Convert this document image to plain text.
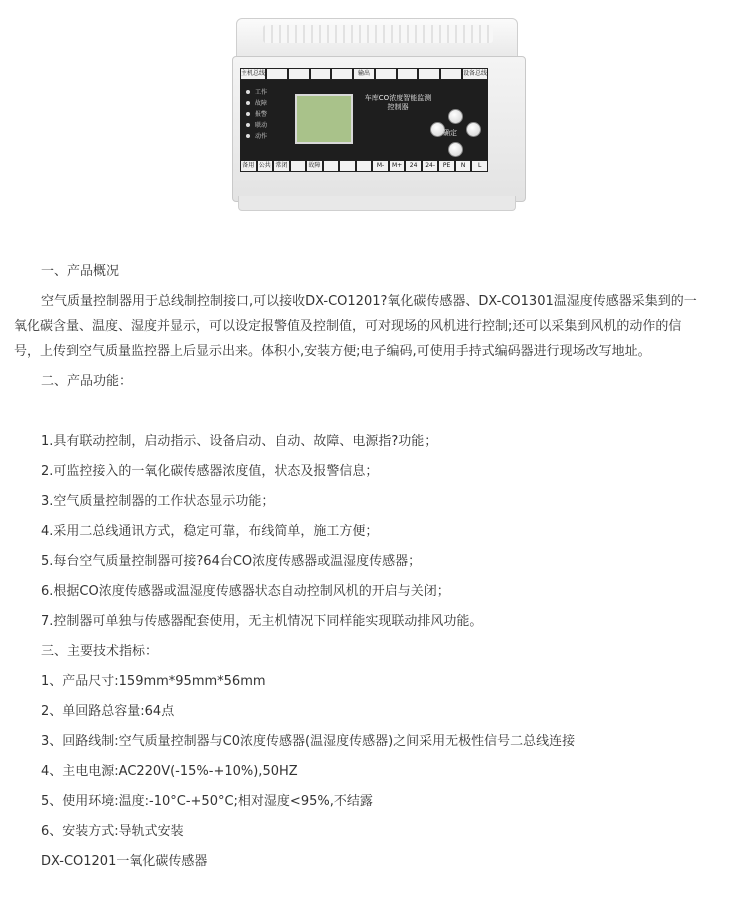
主机总线	输出	设备总线
工作
故障
报警
联动
动作
车库CO浓度智能监测控制器
确定
备用 公共 常闭	故障	M-	M+	24	24-	PE	N	L
一、产品概况
空气质量控制器用于总线制控制接口,可以接收DX-CO1201?氧化碳传感器、DX-CO1301温湿度传感器采集到的一
氧化碳含量、温度、湿度并显示，可以设定报警值及控制值，可对现场的风机进行控制;还可以采集到风机的动作的信
号，上传到空气质量监控器上后显示出来。体积小,安装方便;电子编码,可使用手持式编码器进行现场改写地址。
二、产品功能：
1.具有联动控制，启动指示、设备启动、自动、故障、电源指?功能；
2.可监控接入的一氧化碳传感器浓度值，状态及报警信息；
3.空气质量控制器的工作状态显示功能；
4.采用二总线通讯方式，稳定可靠，布线简单，施工方便；
5.每台空气质量控制器可接?64台CO浓度传感器或温湿度传感器；
6.根据CO浓度传感器或温湿度传感器状态自动控制风机的开启与关闭；
7.控制器可单独与传感器配套使用，无主机情况下同样能实现联动排风功能。
三、主要技术指标：
1、产品尺寸:159mm*95mm*56mm
2、单回路总容量:64点
3、回路线制:空气质量控制器与C0浓度传感器(温湿度传感器)之间采用无极性信号二总线连接
4、主电电源:AC220V(-15%-+10%),50HZ
5、使用环境:温度:-10°C-+50°C;相对湿度<95%,不结露
6、安装方式:导轨式安装
DX-CO1201一氧化碳传感器
